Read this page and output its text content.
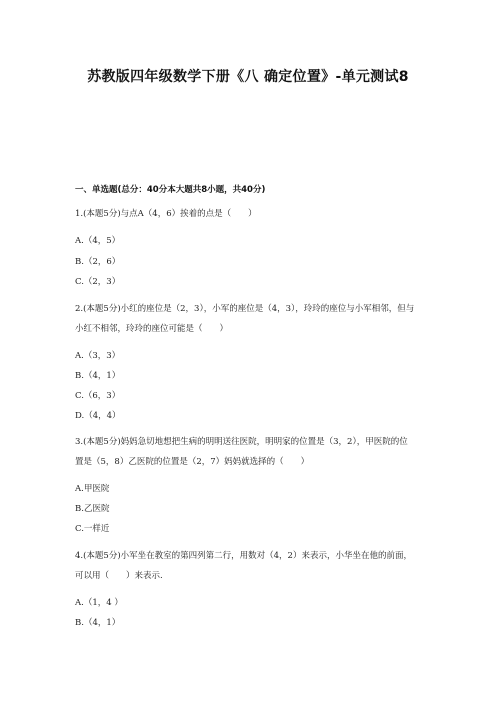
苏教版四年级数学下册《八 确定位置》-单元测试8
一、单选题(总分：40分本大题共8小题，共40分)
1.(本题5分)与点A（4，6）挨着的点是（　　）
A.（4，5）
B.（2，6）
C.（2，3）
2.(本题5分)小红的座位是（2，3），小军的座位是（4，3），玲玲的座位与小军相邻，但与
小红不相邻，玲玲的座位可能是（　　）
A.（3，3）
B.（4，1）
C.（6，3）
D.（4，4）
3.(本题5分)妈妈急切地想把生病的明明送往医院，明明家的位置是（3，2），甲医院的位
置是（5，8）乙医院的位置是（2，7）妈妈就选择的（　　）
A.甲医院
B.乙医院
C.一样近
4.(本题5分)小军坐在教室的第四列第二行，用数对（4，2）来表示，小华坐在他的前面，
可以用（　　）来表示.
A.（1，4 ）
B.（4，1）
